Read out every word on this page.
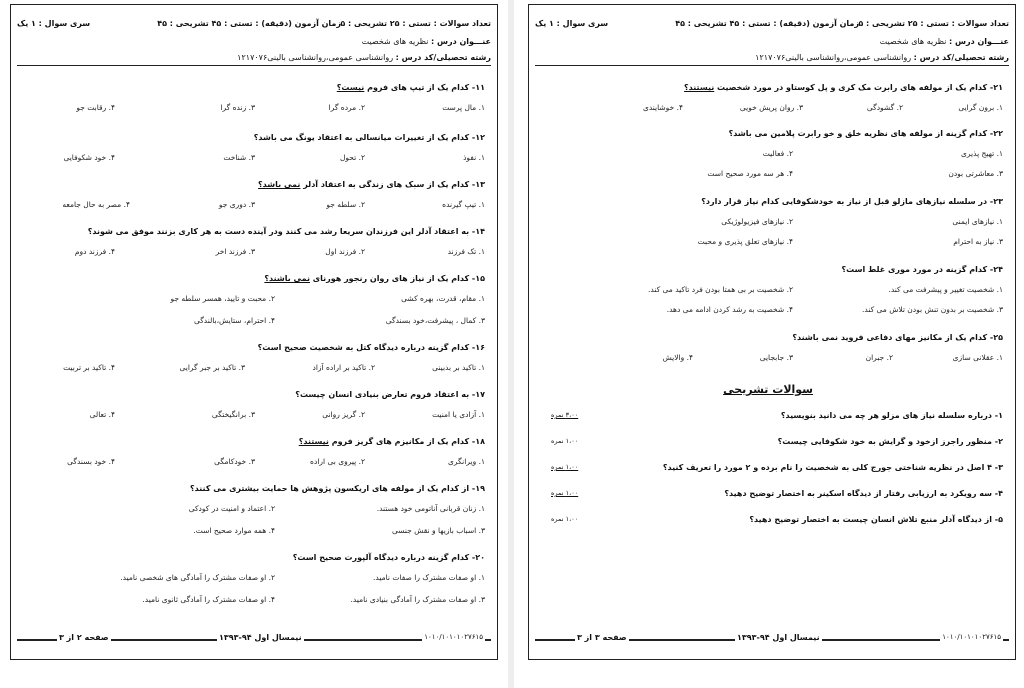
تعداد سوالات : تستی : ۲۵ تشریحی : ۵
زمان آزمون (دقیقه) : تستی : ۴۵ تشریحی : ۴۵
سری سوال : ۱ یک
عنـــوان درس : نظریه های شخصیت
رشته تحصیلی/کد درس : روانشناسی عمومی،روانشناسی بالینی۱۲۱۷۰۷۶
۱۱- کدام یک از تیپ های فروم نیست؟
۱. مال پرست
۲. مرده گرا
۳. زنده گرا
۴. رقابت جو
۱۲- کدام یک از تغییرات میانسالی به اعتقاد یونگ می باشد؟
۱. نفوذ
۲. تحول
۳. شناخت
۴. خود شکوفایی
۱۳- کدام یک از سبک های زندگی به اعتقاد آدلر نمی باشد؟
۱. تیپ گیرنده
۲. سلطه جو
۳. دوری جو
۴. مصر به حال جامعه
۱۴- به اعتقاد آدلر این فرزندان سریعا رشد می کنند ودر آینده دست به هر کاری بزنند موفق می شوند؟
۱. تک فرزند
۲. فرزند اول
۳. فرزند اخر
۴. فرزند دوم
۱۵- کدام یک از نیاز های روان رنجور هورنای نمی باشند؟
۱. مقام، قدرت، بهره کشی
۲. محبت و تایید، همسر سلطه جو
۳. کمال ، پیشرفت،خود بسندگی
۴. احترام، ستایش،بالندگی
۱۶- کدام گزینه درباره دیدگاه کتل به شخصیت صحیح است؟
۱. تاکید بر بدبینی
۲. تاکید بر اراده آزاد
۳. تاکید بر جبر گرایی
۴. تاکید بر تربیت
۱۷- به اعتقاد فروم تعارض بنیادی انسان چیست؟
۱. آزادی یا امنیت
۲. گریز روانی
۳. برانگیختگی
۴. تعالی
۱۸- کدام یک از مکانیزم های گریز فروم نیستند؟
۱. ویرانگری
۲. پیروی بی اراده
۳. خودکامگی
۴. خود بسندگی
۱۹- از کدام یک از مولفه های اریکسون پژوهش ها حمایت بیشتری می کنند؟
۱. زنان قربانی آناتومی خود هستند.
۲. اعتماد و امنیت در کودکی
۳. اسباب بازیها و نقش جنسی
۴. همه موارد صحیح است.
۲۰- کدام گزینه درباره دیدگاه آلپورت صحیح است؟
۱. او صفات مشترک را صفات نامید.
۲. او صفات مشترک را آمادگی های شخصی نامید.
۳. او صفات مشترک را آمادگی بنیادی نامید.
۴. او صفات مشترک را آمادگی ثانوی نامید.
صفحه ۲ از ۳	نیمسال اول ۹۴-۱۳۹۳	۱۰۱۰/۱۰۱۰۱۰۲۷۶۱۵
تعداد سوالات : تستی : ۲۵ تشریحی : ۵
زمان آزمون (دقیقه) : تستی : ۴۵ تشریحی : ۴۵
سری سوال : ۱ یک
عنـــوان درس : نظریه های شخصیت
رشته تحصیلی/کد درس : روانشناسی عمومی،روانشناسی بالینی۱۲۱۷۰۷۶
۲۱- کدام یک از مولفه های رابرت مک کری و پل کوستاو در مورد شخصیت نیستند؟
۱. برون گرایی
۲. گشودگی
۳. روان پریش خویی
۴. خوشایندی
۲۲- کدام گزینه از مولفه های نظریه خلق و خو رابرت پلامین می باشد؟
۱. تهیج پذیری
۲. فعالیت
۳. معاشرتی بودن
۴. هر سه مورد صحیح است
۲۳- در سلسله نیازهای مازلو قبل از نیاز به خودشکوفایی کدام نیاز قرار دارد؟
۱. نیازهای ایمنی
۲. نیازهای فیزیولوژیکی
۳. نیاز به احترام
۴. نیازهای تعلق پذیری و محبت
۲۴- کدام گزینه در مورد موری غلط است؟
۱. شخصیت تغییر و پیشرفت می کند.
۲. شخصیت بر بی همتا بودن فرد تاکید می کند.
۳. شخصیت بر بدون تنش بودن تلاش می کند.
۴. شخصیت به رشد کردن ادامه می دهد.
۲۵- کدام یک از مکانیز مهای دفاعی فروید نمی باشند؟
۱. عقلانی سازی
۲. جبران
۳. جابجایی
۴. والایش
سوالات تشریحی
۱- درباره سلسله نیاز های مزلو هر چه می دانید بنویسید؟
۳،۰۰ نمره
۲- منظور راجرز ازخود و گرایش به خود شکوفایی چیست؟
۱،۰۰ نمره
۳- ۴ اصل در نظریه شناختی جورج کلی به شخصیت را نام برده و ۲ مورد را تعریف کنید؟
۱،۰۰ نمره
۴- سه رویکرد به ارزیابی رفتار از دیدگاه اسکینر به اختصار توضیح دهید؟
۱،۰۰ نمره
۵- از دیدگاه آدلر منبع تلاش انسان چیست به اختصار توضیح دهید؟
۱،۰۰ نمره
صفحه ۳ از ۳	نیمسال اول ۹۴-۱۳۹۳	۱۰۱۰/۱۰۱۰۱۰۲۷۶۱۵
